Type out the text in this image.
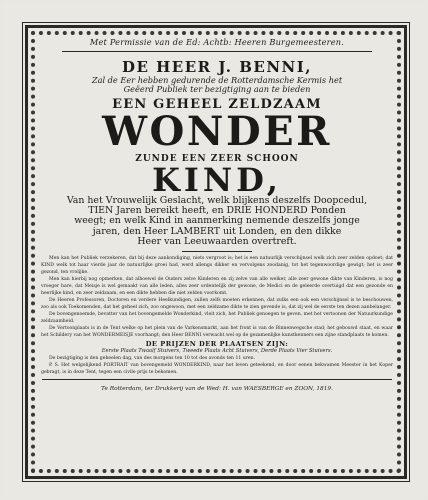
Met Permissie van de Ed: Achtb: Heeren Burgemeesteren.
DE HEER J. BENNI,
Zal de Eer hebben gedurende de Rotterdamsche Kermis het
Geëerd Publiek ter bezigtiging aan te bieden
EEN GEHEEL ZELDZAAM
WONDER
ZUNDE EEN ZEER SCHOON
KIND,
Van het Vrouwelijk Geslacht, welk blijkens deszelfs Doopcedul,
TIEN Jaren bereikt heeft, en DRIE HONDERD Ponden
weegt; en welk Kind in aanmerking nemende deszelfs jonge
jaren, den Heer LAMBERT uit Londen, en den dikke
Heer van Leeuwaarden overtreft.

Men kan het Publiek verzekeren, dat bij deze aankondiging, niets vergroot is; het is een natuurlijk verschijnsel welk zich zeer zelden opdoet; dat KIND welk tot haar vierde jaar de natuurlijke groei had, werd allengs dikker en vervolgens zoodanig, tot het tegenwoordige gewigt; het is zeer gezond, ten vrolijke.

Men kan hierbij nog opmerken, dat alhoewel de Ouders zelve Kinderen en zij zelve van alle welker, alle zeer gewone dikte van Kinderen, is nog vroeger hare, dat Meisje is wel gemaakt van alle leden, alles zeer ordentelijk der gewone, de Medici en de geleerde overtuigd dat een gezonde en heerlijke kind, en zeer zeldzaam, en een dikte hebben die niet zelden voorkomt.

De Heeren Professoren, Doctoren en verdere Heelkundigen, zullen zelfs moeten erkennen, dat zulks een ook een verschijnsel is te beschouwen, zoo als ook Toekomenden, dat het geheel zich, zoo ongewoon, met een zeldzame dikte te zien gevende is, dat zij wel de eerste ten dezen aanbelanger.

De bovengenoemde, bevatter van het bovengemelde Wonderkind, vleit zich, het Publiek genoegen te geven, met het vertoonen der Natuurkundige zeldzaamheid.

De Vertoonplaats is in de Tent welke op het plein van de Varkensmarkt, aan het front is van de Binnenwegsche stad; het gebouwd staat, en waar het Schildery van het WONDERMEISJE voorhangt; den Heer BENNI verwacht wel op de gezamenlijke kunstkenners een zijne standplaats te komen.

DE PRIJZEN DER PLAATSEN ZIJN:
Eerste Plaats Twaalf Stuivers, Tweede Plaats Acht Stuivers, Derde Plaats Vier Stuivers.

De bezigtiging is den geheelen dag, van des morgens ten 10 tot des avonds ten 11 uren.

P. S. Het welgelijkend PORTRAIT van bovengemeld WONDERKIND, naar het leven geteekend, en door eenen bekwamen Meester in het Koper gebragt, is in deze Tent, tegen een civile prijs te bekomen.

Te Rotterdam, ter Drukkerij van de Wed: H. van WAESBERGE en ZOON, 1819.
